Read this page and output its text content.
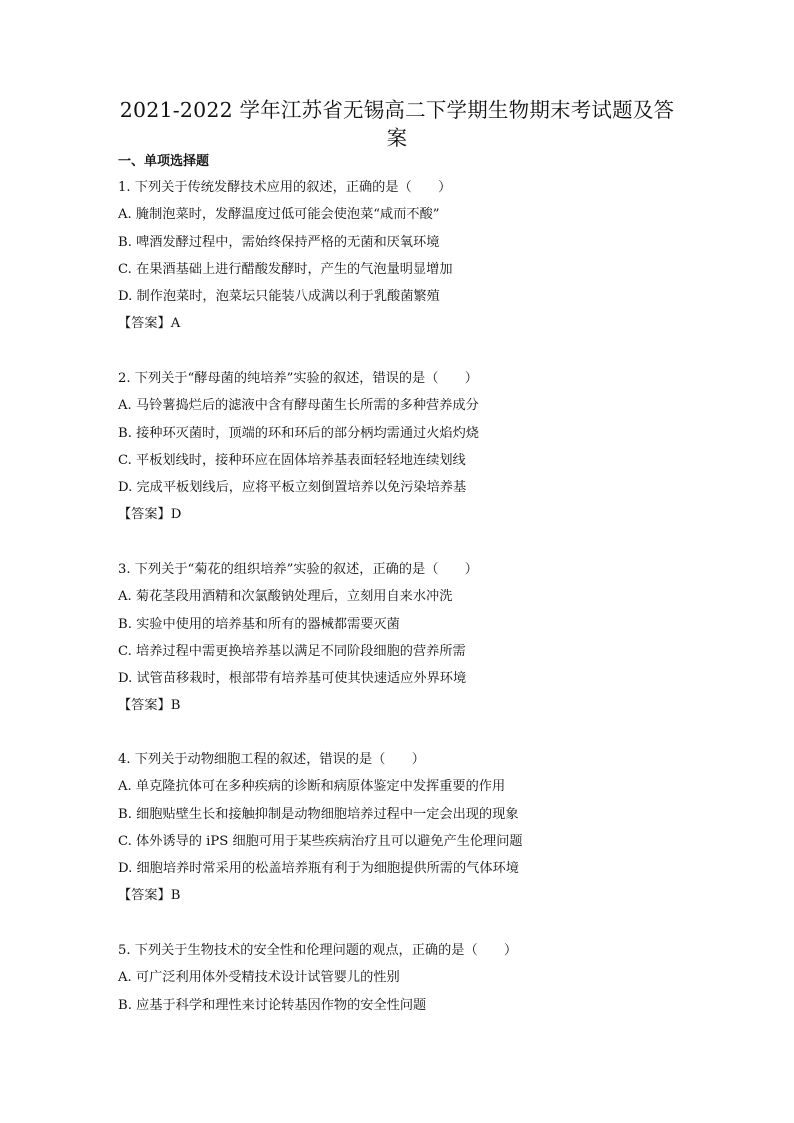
2021-2022 学年江苏省无锡高二下学期生物期末考试题及答案
一、单项选择题
1. 下列关于传统发酵技术应用的叙述，正确的是（　　）
A. 腌制泡菜时，发酵温度过低可能会使泡菜“咸而不酸”
B. 啤酒发酵过程中，需始终保持严格的无菌和厌氧环境
C. 在果酒基础上进行醋酸发酵时，产生的气泡量明显增加
D. 制作泡菜时，泡菜坛只能装八成满以利于乳酸菌繁殖
【答案】A
2. 下列关于“酵母菌的纯培养”实验的叙述，错误的是（　　）
A. 马铃薯捣烂后的滤液中含有酵母菌生长所需的多种营养成分
B. 接种环灭菌时，顶端的环和环后的部分柄均需通过火焰灼烧
C. 平板划线时，接种环应在固体培养基表面轻轻地连续划线
D. 完成平板划线后，应将平板立刻倒置培养以免污染培养基
【答案】D
3. 下列关于“菊花的组织培养”实验的叙述，正确的是（　　）
A. 菊花茎段用酒精和次氯酸钠处理后，立刻用自来水冲洗
B. 实验中使用的培养基和所有的器械都需要灭菌
C. 培养过程中需更换培养基以满足不同阶段细胞的营养所需
D. 试管苗移栽时，根部带有培养基可使其快速适应外界环境
【答案】B
4. 下列关于动物细胞工程的叙述，错误的是（　　）
A. 单克隆抗体可在多种疾病的诊断和病原体鉴定中发挥重要的作用
B. 细胞贴壁生长和接触抑制是动物细胞培养过程中一定会出现的现象
C. 体外诱导的 iPS 细胞可用于某些疾病治疗且可以避免产生伦理问题
D. 细胞培养时常采用的松盖培养瓶有利于为细胞提供所需的气体环境
【答案】B
5. 下列关于生物技术的安全性和伦理问题的观点，正确的是（　　）
A. 可广泛利用体外受精技术设计试管婴儿的性别
B. 应基于科学和理性来讨论转基因作物的安全性问题
